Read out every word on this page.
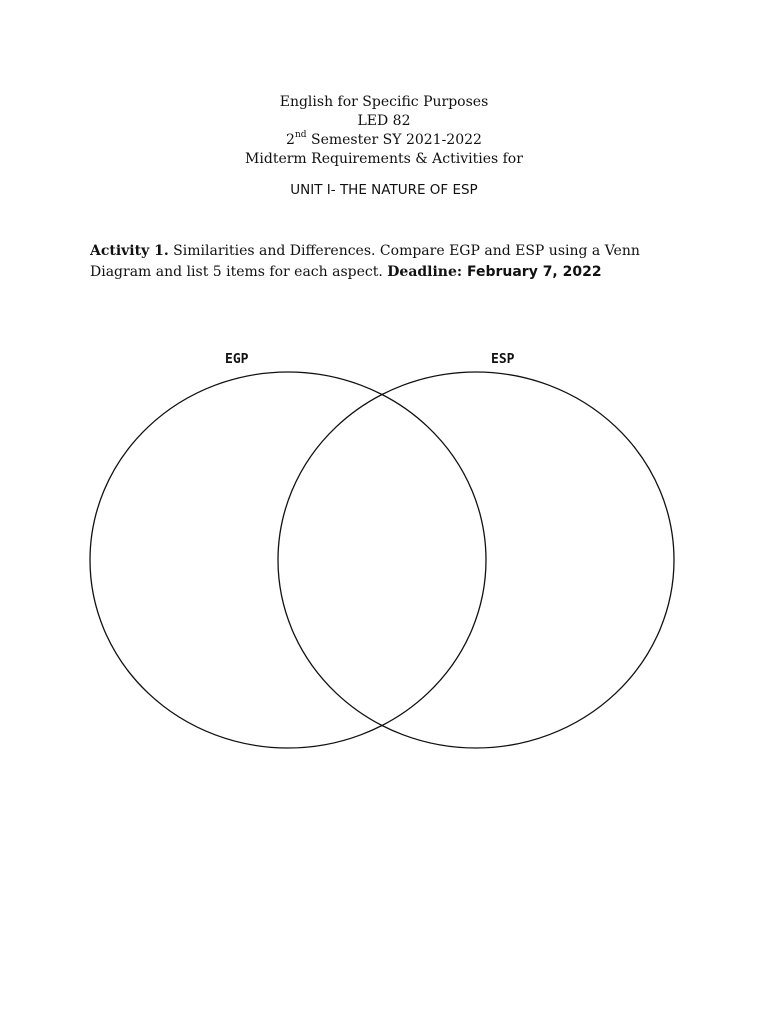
English for Specific Purposes
LED 82
2nd Semester SY 2021-2022
Midterm Requirements & Activities for
UNIT I- THE NATURE OF ESP
Activity 1. Similarities and Differences. Compare EGP and ESP using a Venn Diagram and list 5 items for each aspect. Deadline: February 7, 2022
EGP	ESP
